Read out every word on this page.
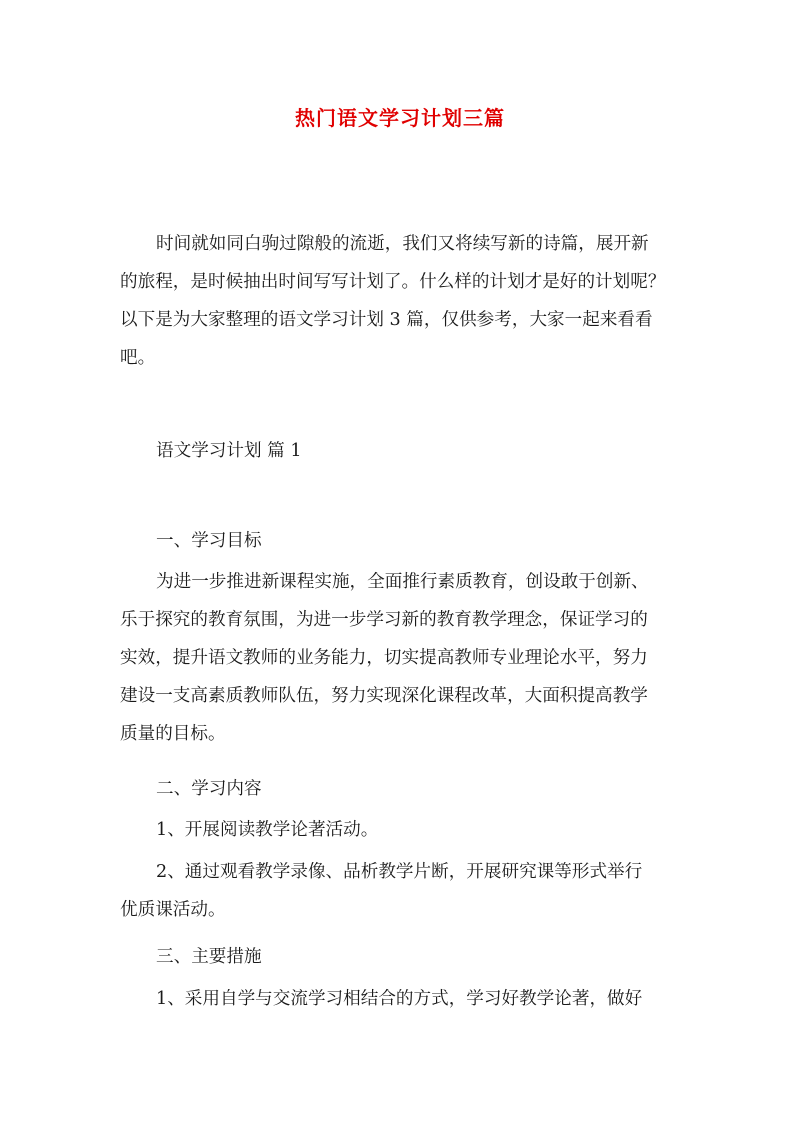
热门语文学习计划三篇
时间就如同白驹过隙般的流逝，我们又将续写新的诗篇，展开新
的旅程，是时候抽出时间写写计划了。什么样的计划才是好的计划呢？
以下是为大家整理的语文学习计划 3 篇，仅供参考，大家一起来看看
吧。
语文学习计划 篇 1
一、学习目标
为进一步推进新课程实施，全面推行素质教育，创设敢于创新、
乐于探究的教育氛围，为进一步学习新的教育教学理念，保证学习的
实效，提升语文教师的业务能力，切实提高教师专业理论水平，努力
建设一支高素质教师队伍，努力实现深化课程改革，大面积提高教学
质量的目标。
二、学习内容
1、开展阅读教学论著活动。
2、通过观看教学录像、品析教学片断，开展研究课等形式举行
优质课活动。
三、主要措施
1、采用自学与交流学习相结合的方式，学习好教学论著，做好
